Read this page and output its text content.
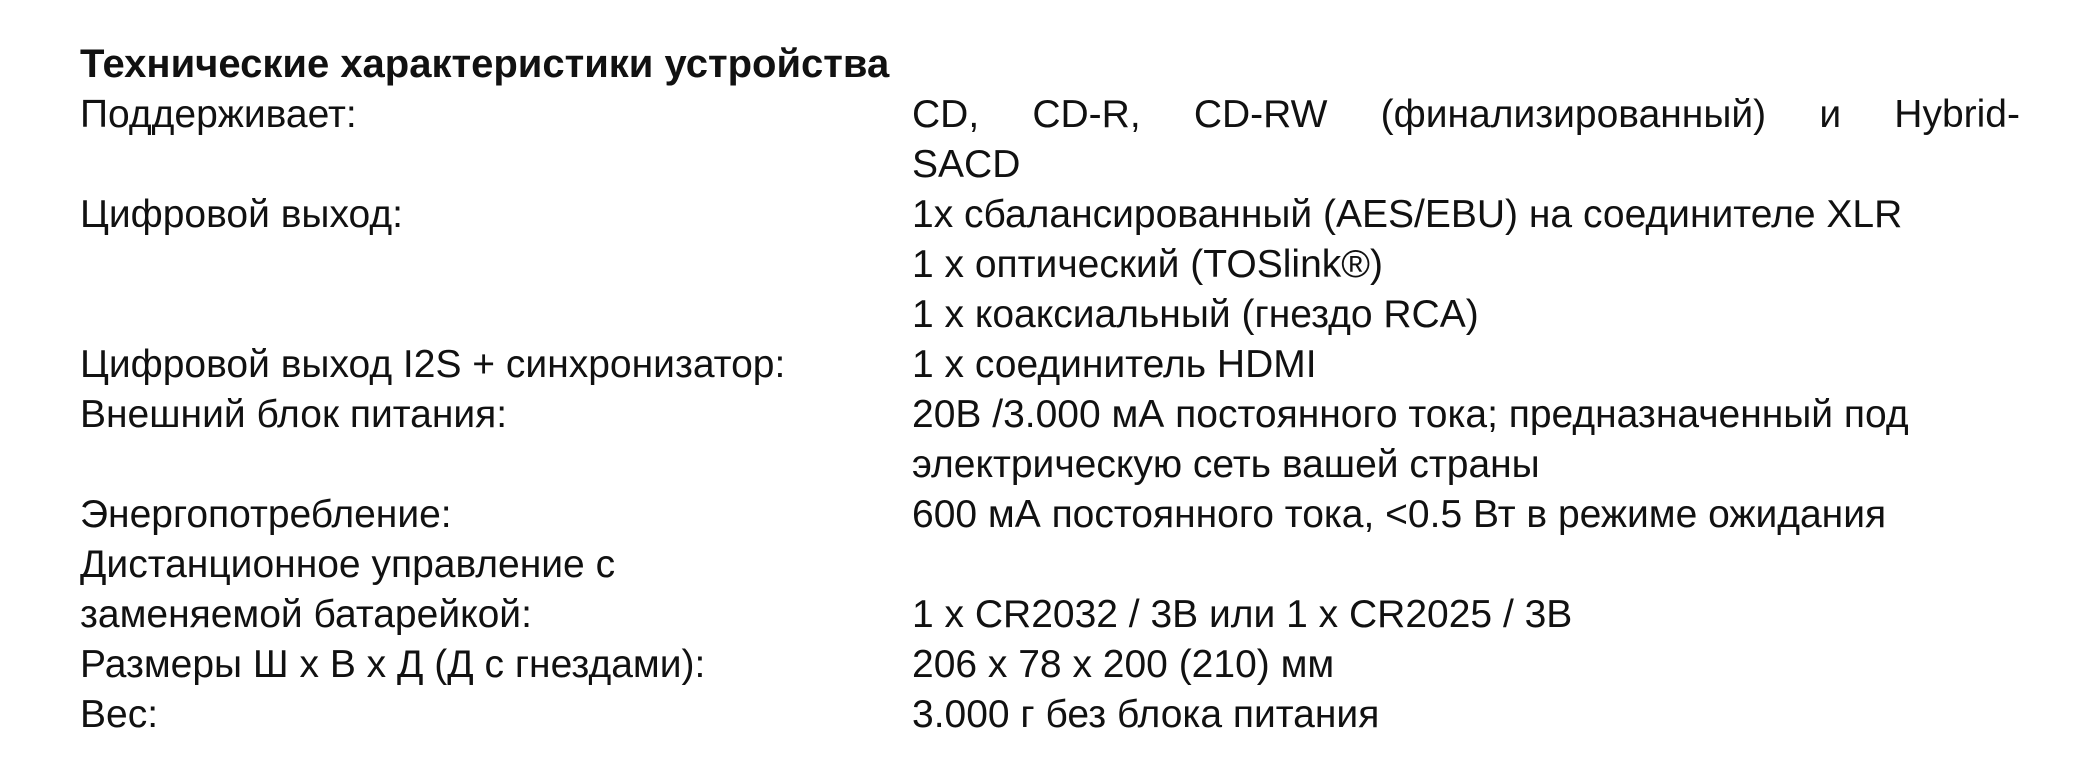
Технические характеристики устройства
Поддерживает:	CD, CD-R, CD-RW (финализированный) и Hybrid-
SACD
Цифровой выход:	1x сбалансированный (AES/EBU) на соединителе XLR
1 x оптический (TOSlink®)
1 x коаксиальный (гнездо RCA)
Цифровой выход I2S + синхронизатор:	1 x соединитель HDMI
Внешний блок питания:	20В /3.000 мА постоянного тока; предназначенный под
электрическую сеть вашей страны
Энергопотребление:	600 мА постоянного тока, <0.5 Вт в режиме ожидания
Дистанционное управление с
заменяемой батарейкой:	1 x CR2032 / 3В или 1 x CR2025 / 3В
Размеры Ш x В x Д (Д с гнездами):	206 x 78 x 200 (210) мм
Вес:	3.000 г без блока питания
